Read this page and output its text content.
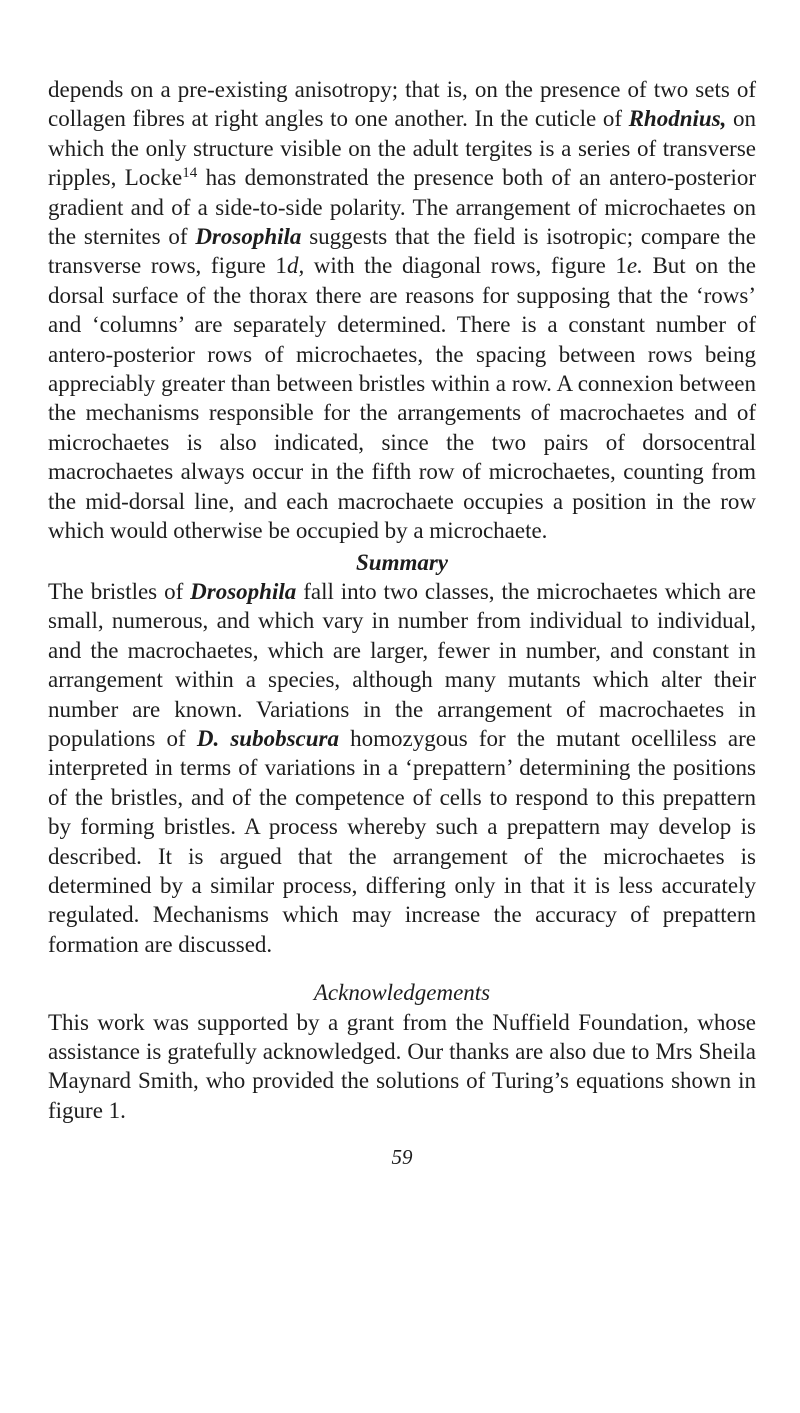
depends on a pre-existing anisotropy; that is, on the presence of two sets of collagen fibres at right angles to one another. In the cuticle of Rhodnius, on which the only structure visible on the adult tergites is a series of transverse ripples, Locke$^{14}$ has demonstrated the presence both of an antero-posterior gradient and of a side-to-side polarity. The arrangement of microchaetes on the sternites of Drosophila suggests that the field is isotropic; compare the transverse rows, figure 1d, with the diagonal rows, figure 1e. But on the dorsal surface of the thorax there are reasons for supposing that the ‘rows’ and ‘columns’ are separately determined. There is a constant number of antero-posterior rows of microchaetes, the spacing between rows being appreciably greater than between bristles within a row. A connexion between the mechanisms responsible for the arrangements of macrochaetes and of microchaetes is also indicated, since the two pairs of dorsocentral macrochaetes always occur in the fifth row of microchaetes, counting from the mid-dorsal line, and each macrochaete occupies a position in the row which would otherwise be occupied by a microchaete.

Summary

The bristles of Drosophila fall into two classes, the microchaetes which are small, numerous, and which vary in number from individual to individual, and the macrochaetes, which are larger, fewer in number, and constant in arrangement within a species, although many mutants which alter their number are known. Variations in the arrangement of macrochaetes in populations of D. subobscura homozygous for the mutant ocelliless are interpreted in terms of variations in a ‘prepattern’ determining the positions of the bristles, and of the competence of cells to respond to this prepattern by forming bristles. A process whereby such a prepattern may develop is described. It is argued that the arrangement of the microchaetes is determined by a similar process, differing only in that it is less accurately regulated. Mechanisms which may increase the accuracy of prepattern formation are discussed.

Acknowledgements

This work was supported by a grant from the Nuffield Foundation, whose assistance is gratefully acknowledged. Our thanks are also due to Mrs Sheila Maynard Smith, who provided the solutions of Turing’s equations shown in figure 1.

59
